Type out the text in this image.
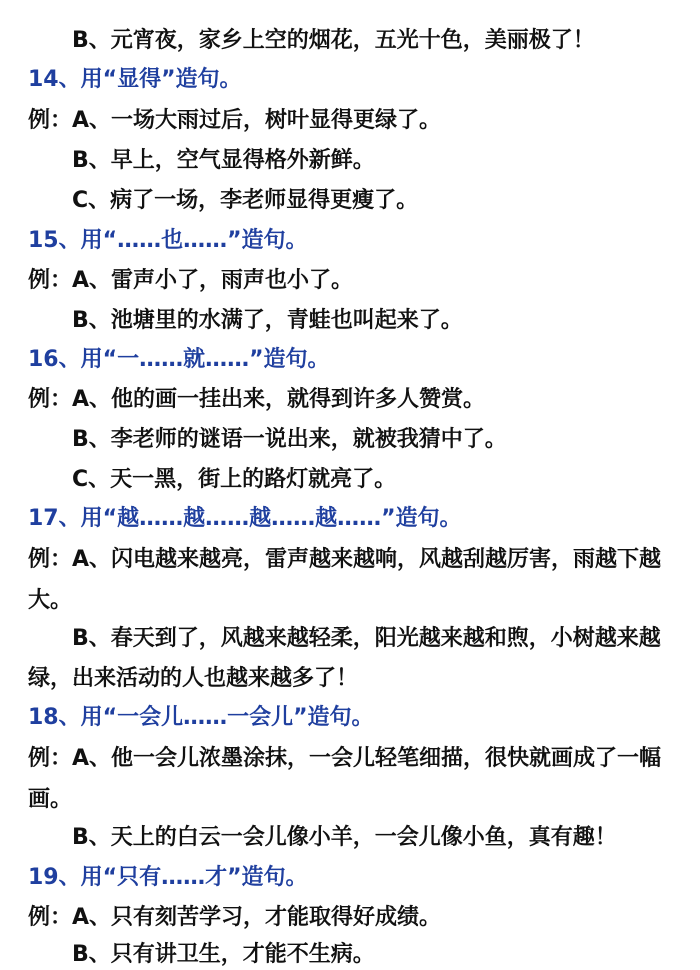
B、元宵夜，家乡上空的烟花，五光十色，美丽极了！
14、用“显得”造句。
例：A、一场大雨过后，树叶显得更绿了。
B、早上，空气显得格外新鲜。
C、病了一场，李老师显得更瘦了。
15、用“……也……”造句。
例：A、雷声小了，雨声也小了。
B、池塘里的水满了，青蛙也叫起来了。
16、用“一……就……”造句。
例：A、他的画一挂出来，就得到许多人赞赏。
B、李老师的谜语一说出来，就被我猜中了。
C、天一黑，街上的路灯就亮了。
17、用“越……越……越……越……”造句。
例：A、闪电越来越亮，雷声越来越响，风越刮越厉害，雨越下越
大。
B、春天到了，风越来越轻柔，阳光越来越和煦，小树越来越
绿，出来活动的人也越来越多了！
18、用“一会儿……一会儿”造句。
例：A、他一会儿浓墨涂抹，一会儿轻笔细描，很快就画成了一幅
画。
B、天上的白云一会儿像小羊，一会儿像小鱼，真有趣！
19、用“只有……才”造句。
例：A、只有刻苦学习，才能取得好成绩。
B、只有讲卫生，才能不生病。
